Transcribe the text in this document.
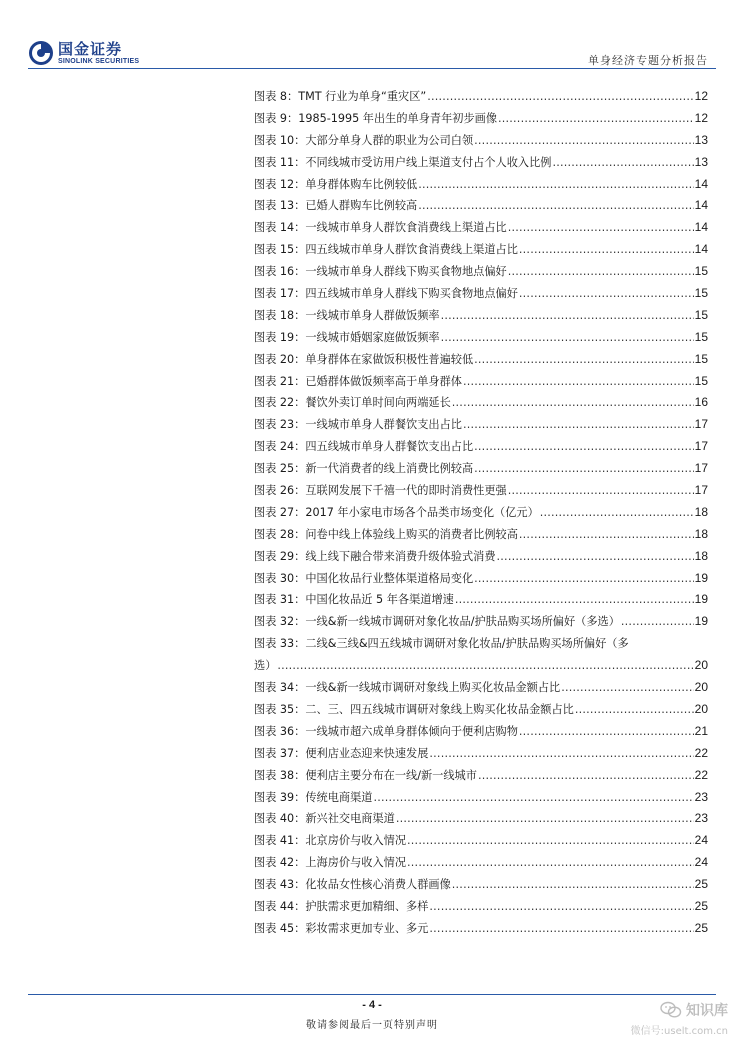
国金证券
SINOLINK SECURITIES	单身经济专题分析报告
图表 8：TMT 行业为单身“重灾区” .....	12
图表 9：1985-1995 年出生的单身青年初步画像 .....	12
图表 10：大部分单身人群的职业为公司白领 .....	13
图表 11：不同线城市受访用户线上渠道支付占个人收入比例 .....	13
图表 12：单身群体购车比例较低 .....	14
图表 13：已婚人群购车比例较高 .....	14
图表 14：一线城市单身人群饮食消费线上渠道占比 .....	14
图表 15：四五线城市单身人群饮食消费线上渠道占比 .....	14
图表 16：一线城市单身人群线下购买食物地点偏好 .....	15
图表 17：四五线城市单身人群线下购买食物地点偏好 .....	15
图表 18：一线城市单身人群做饭频率 .....	15
图表 19：一线城市婚姻家庭做饭频率 .....	15
图表 20：单身群体在家做饭积极性普遍较低 .....	15
图表 21：已婚群体做饭频率高于单身群体 .....	15
图表 22：餐饮外卖订单时间向两端延长 .....	16
图表 23：一线城市单身人群餐饮支出占比 .....	17
图表 24：四五线城市单身人群餐饮支出占比 .....	17
图表 25：新一代消费者的线上消费比例较高 .....	17
图表 26：互联网发展下千禧一代的即时消费性更强 .....	17
图表 27：2017 年小家电市场各个品类市场变化（亿元） .....	18
图表 28：问卷中线上体验线上购买的消费者比例较高 .....	18
图表 29：线上线下融合带来消费升级体验式消费 .....	18
图表 30：中国化妆品行业整体渠道格局变化 .....	19
图表 31：中国化妆品近 5 年各渠道增速 .....	19
图表 32：一线&新一线城市调研对象化妆品/护肤品购买场所偏好（多选） .....	19
图表 33：二线&三线&四五线城市调研对象化妆品/护肤品购买场所偏好（多
选） .....	20
图表 34：一线&新一线城市调研对象线上购买化妆品金额占比 .....	20
图表 35：二、三、四五线城市调研对象线上购买化妆品金额占比 .....	20
图表 36：一线城市超六成单身群体倾向于便利店购物 .....	21
图表 37：便利店业态迎来快速发展 .....	22
图表 38：便利店主要分布在一线/新一线城市 .....	22
图表 39：传统电商渠道 .....	23
图表 40：新兴社交电商渠道 .....	23
图表 41：北京房价与收入情况 .....	24
图表 42：上海房价与收入情况 .....	24
图表 43：化妆品女性核心消费人群画像 .....	25
图表 44：护肤需求更加精细、多样 .....	25
图表 45：彩妆需求更加专业、多元 .....	25
- 4 -
敬请参阅最后一页特别声明
知识库
微信号:uselt.com.cn
